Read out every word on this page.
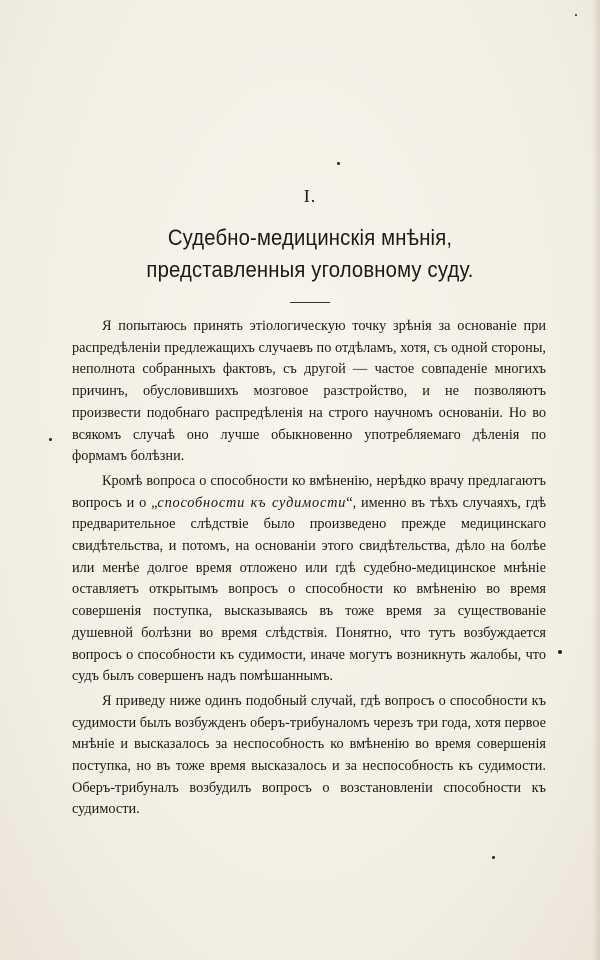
I.
Судебно-медицинскія мнѣнія, представленныя уголовному суду.

Я попытаюсь принять этіологическую точку зрѣнія за основаніе при распредѣленіи предлежащихъ случаевъ по отдѣламъ, хотя, съ одной стороны, неполнота собранныхъ фактовъ, съ другой — частое совпаденіе многихъ причинъ, обусловившихъ мозговое разстройство, и не позволяютъ произвести подобнаго распредѣленія на строго научномъ основаніи. Но во всякомъ случаѣ оно лучше обыкновенно употребляемаго дѣленія по формамъ болѣзни.

Кромѣ вопроса о способности ко вмѣненію, нерѣдко врачу предлагаютъ вопросъ и о „способности къ судимости“, именно въ тѣхъ случаяхъ, гдѣ предварительное слѣдствіе было произведено прежде медицинскаго свидѣтельства, и потомъ, на основаніи этого свидѣтельства, дѣло на болѣе или менѣе долгое время отложено или гдѣ судебно-медицинское мнѣніе оставляетъ открытымъ вопросъ о способности ко вмѣненію во время совершенія поступка, высказываясь въ тоже время за существованіе душевной болѣзни во время слѣдствія. Понятно, что тутъ возбуждается вопросъ о способности къ судимости, иначе могутъ возникнуть жалобы, что судъ былъ совершенъ надъ помѣшаннымъ.

Я приведу ниже одинъ подобный случай, гдѣ вопросъ о способности къ судимости былъ возбужденъ оберъ-трибуналомъ черезъ три года, хотя первое мнѣніе и высказалось за неспособность ко вмѣненію во время совершенія поступка, но въ тоже время высказалось и за неспособность къ судимости. Оберъ-трибуналъ возбудилъ вопросъ о возстановленіи способности къ судимости.
